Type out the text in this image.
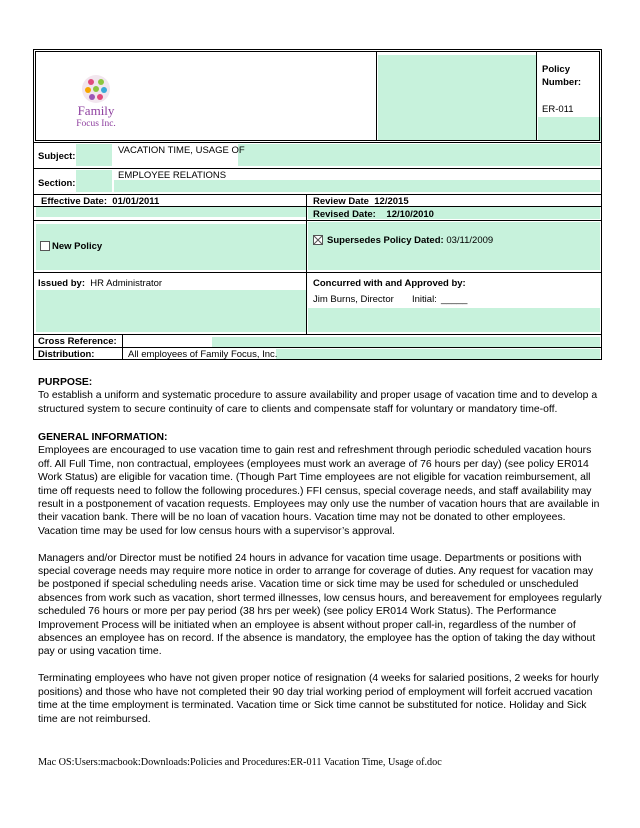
Family
Focus Inc.
Policy
Number:
ER-011
Subject:
VACATION TIME, USAGE OF
Section:
EMPLOYEE RELATIONS
Effective Date: 01/01/2011	Review Date 12/2015
Revised Date: 12/10/2010
New Policy
Supersedes Policy Dated: 03/11/2009
Issued by: HR Administrator	Concurred with and Approved by:
Jim Burns, Director Initial: _____
Cross Reference:
Distribution:	All employees of Family Focus, Inc.

PURPOSE:

To establish a uniform and systematic procedure to assure availability and proper usage of vacation time and to develop a structured system to secure continuity of care to clients and compensate staff for voluntary or mandatory time-off.

GENERAL INFORMATION:

Employees are encouraged to use vacation time to gain rest and refreshment through periodic scheduled vacation hours off. All Full Time, non contractual, employees (employees must work an average of 76 hours per day) (see policy ER014 Work Status) are eligible for vacation time. (Though Part Time employees are not eligible for vacation reimbursement, all time off requests need to follow the following procedures.) FFI census, special coverage needs, and staff availability may result in a postponement of vacation requests. Employees may only use the number of vacation hours that are available in their vacation bank. There will be no loan of vacation hours. Vacation time may not be donated to other employees. Vacation time may be used for low census hours with a supervisor’s approval.

Managers and/or Director must be notified 24 hours in advance for vacation time usage. Departments or positions with special coverage needs may require more notice in order to arrange for coverage of duties. Any request for vacation may be postponed if special scheduling needs arise. Vacation time or sick time may be used for scheduled or unscheduled absences from work such as vacation, short termed illnesses, low census hours, and bereavement for employees regularly scheduled 76 hours or more per pay period (38 hrs per week) (see policy ER014 Work Status). The Performance Improvement Process will be initiated when an employee is absent without proper call-in, regardless of the number of absences an employee has on record. If the absence is mandatory, the employee has the option of taking the day without pay or using vacation time.

Terminating employees who have not given proper notice of resignation (4 weeks for salaried positions, 2 weeks for hourly positions) and those who have not completed their 90 day trial working period of employment will forfeit accrued vacation time at the time employment is terminated. Vacation time or Sick time cannot be substituted for notice. Holiday and Sick time are not reimbursed.

Mac OS:Users:macbook:Downloads:Policies and Procedures:ER-011 Vacation Time, Usage of.doc
